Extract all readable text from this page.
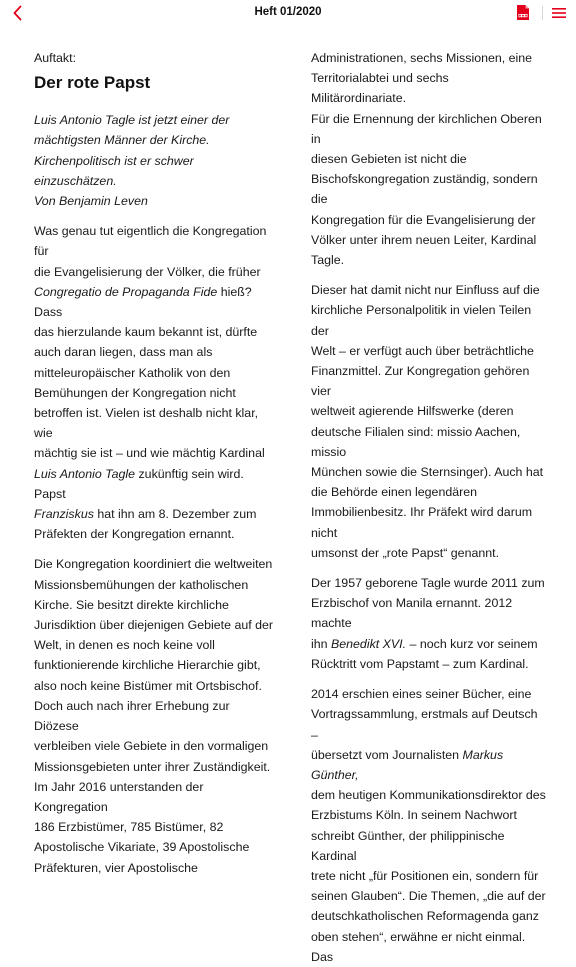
Heft 01/2020

Auftakt:

Der rote Papst
Luis Antonio Tagle ist jetzt einer der
mächtigsten Männer der Kirche.
Kirchenpolitisch ist er schwer einzuschätzen.
Von Benjamin Leven
Was genau tut eigentlich die Kongregation für
die Evangelisierung der Völker, die früher
Congregatio de Propaganda Fide hieß? Dass
das hierzulande kaum bekannt ist, dürfte
auch daran liegen, dass man als
mitteleuropäischer Katholik von den
Bemühungen der Kongregation nicht
betroffen ist. Vielen ist deshalb nicht klar, wie
mächtig sie ist – und wie mächtig Kardinal
Luis Antonio Tagle zukünftig sein wird. Papst
Franziskus hat ihn am 8. Dezember zum
Präfekten der Kongregation ernannt.
Die Kongregation koordiniert die weltweiten
Missionsbemühungen der katholischen
Kirche. Sie besitzt direkte kirchliche
Jurisdiktion über diejenigen Gebiete auf der
Welt, in denen es noch keine voll
funktionierende kirchliche Hierarchie gibt,
also noch keine Bistümer mit Ortsbischof.
Doch auch nach ihrer Erhebung zur Diözese
verbleiben viele Gebiete in den vormaligen
Missionsgebieten unter ihrer Zuständigkeit.
Im Jahr 2016 unterstanden der Kongregation
186 Erzbistümer, 785 Bistümer, 82
Apostolische Vikariate, 39 Apostolische
Präfekturen, vier Apostolische
Administrationen, sechs Missionen, eine
Territorialabtei und sechs Militärordinariate.
Für die Ernennung der kirchlichen Oberen in
diesen Gebieten ist nicht die
Bischofskongregation zuständig, sondern die
Kongregation für die Evangelisierung der
Völker unter ihrem neuen Leiter, Kardinal
Tagle.
Dieser hat damit nicht nur Einfluss auf die
kirchliche Personalpolitik in vielen Teilen der
Welt – er verfügt auch über beträchtliche
Finanzmittel. Zur Kongregation gehören vier
weltweit agierende Hilfswerke (deren
deutsche Filialen sind: missio Aachen, missio
München sowie die Sternsinger). Auch hat
die Behörde einen legendären
Immobilienbesitz. Ihr Präfekt wird darum nicht
umsonst der „rote Papst“ genannt.
Der 1957 geborene Tagle wurde 2011 zum
Erzbischof von Manila ernannt. 2012 machte
ihn Benedikt XVI. – noch kurz vor seinem
Rücktritt vom Papstamt – zum Kardinal.
2014 erschien eines seiner Bücher, eine
Vortragssammlung, erstmals auf Deutsch –
übersetzt vom Journalisten Markus Günther,
dem heutigen Kommunikationsdirektor des
Erzbistums Köln. In seinem Nachwort
schreibt Günther, der philippinische Kardinal
trete nicht „für Positionen ein, sondern für
seinen Glauben“. Die Themen, „die auf der
deutschkatholischen Reformagenda ganz
oben stehen“, erwähne er nicht einmal. Das
